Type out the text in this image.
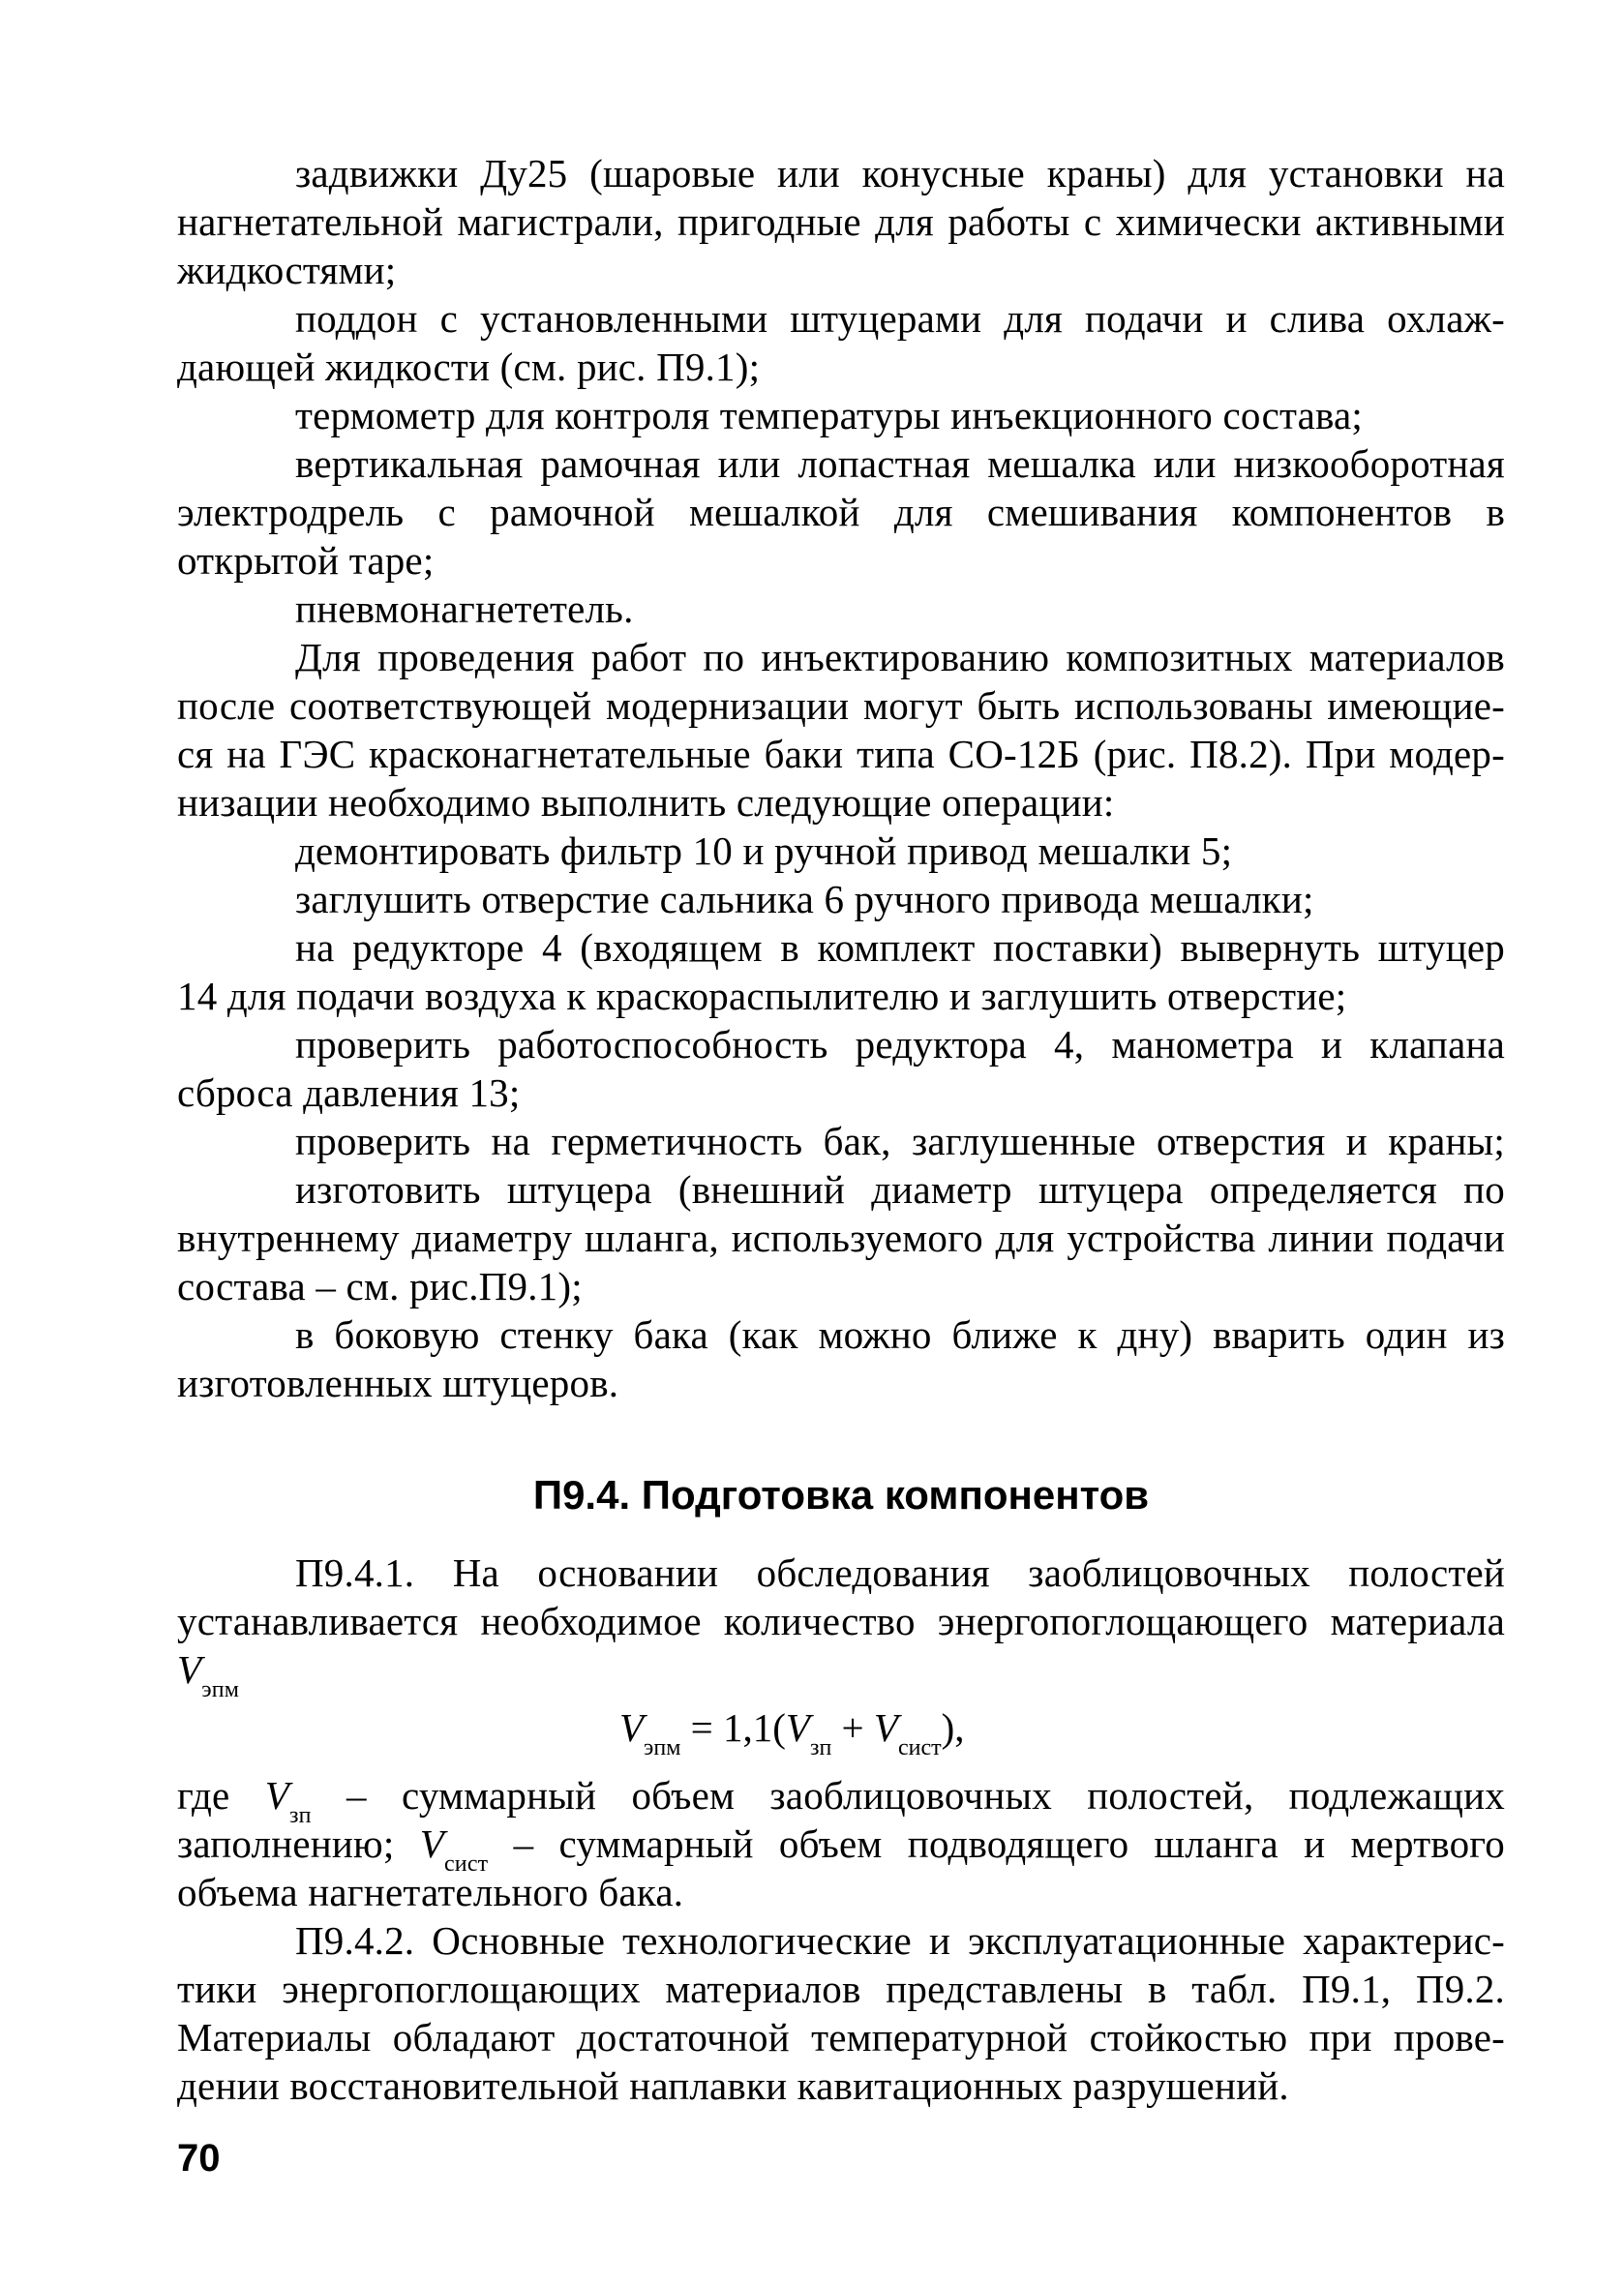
задвижки Ду25 (шаровые или конусные краны) для установки на
нагнетательной магистрали, пригодные для работы с химически активными
жидкостями;
поддон с установленными штуцерами для подачи и слива охлаж-
дающей жидкости (см. рис. П9.1);
термометр для контроля температуры инъекционного состава;
вертикальная рамочная или лопастная мешалка или низкооборотная
электродрель с рамочной мешалкой для смешивания компонентов в
открытой таре;
пневмонагнететель.
Для проведения работ по инъектированию композитных материалов
после соответствующей модернизации могут быть использованы имеющие-
ся на ГЭС красконагнетательные баки типа СО-12Б (рис. П8.2). При модер-
низации необходимо выполнить следующие операции:
демонтировать фильтр 10 и ручной привод мешалки 5;
заглушить отверстие сальника 6 ручного привода мешалки;
на редукторе 4 (входящем в комплект поставки) вывернуть штуцер
14 для подачи воздуха к краскораспылителю и заглушить отверстие;
проверить работоспособность редуктора 4, манометра и клапана
сброса давления 13;
проверить на герметичность бак, заглушенные отверстия и краны;
изготовить штуцера (внешний диаметр штуцера определяется по
внутреннему диаметру шланга, используемого для устройства линии подачи
состава – см. рис.П9.1);
в боковую стенку бака (как можно ближе к дну) вварить один из
изготовленных штуцеров.
П9.4. Подготовка компонентов
П9.4.1. На основании обследования заоблицовочных полостей
устанавливается необходимое количество энергопоглощающего материала
$V_{эпм}$
$V_{эпм} = 1,1(V_{зп} + V_{сист})$,
где $V_{зп}$ – суммарный объем заоблицовочных полостей, подлежащих
заполнению; $V_{сист}$ – суммарный объем подводящего шланга и мертвого
объема нагнетательного бака.
П9.4.2. Основные технологические и эксплуатационные характерис-
тики энергопоглощающих материалов представлены в табл. П9.1, П9.2.
Материалы обладают достаточной температурной стойкостью при прове-
дении восстановительной наплавки кавитационных разрушений.
70
